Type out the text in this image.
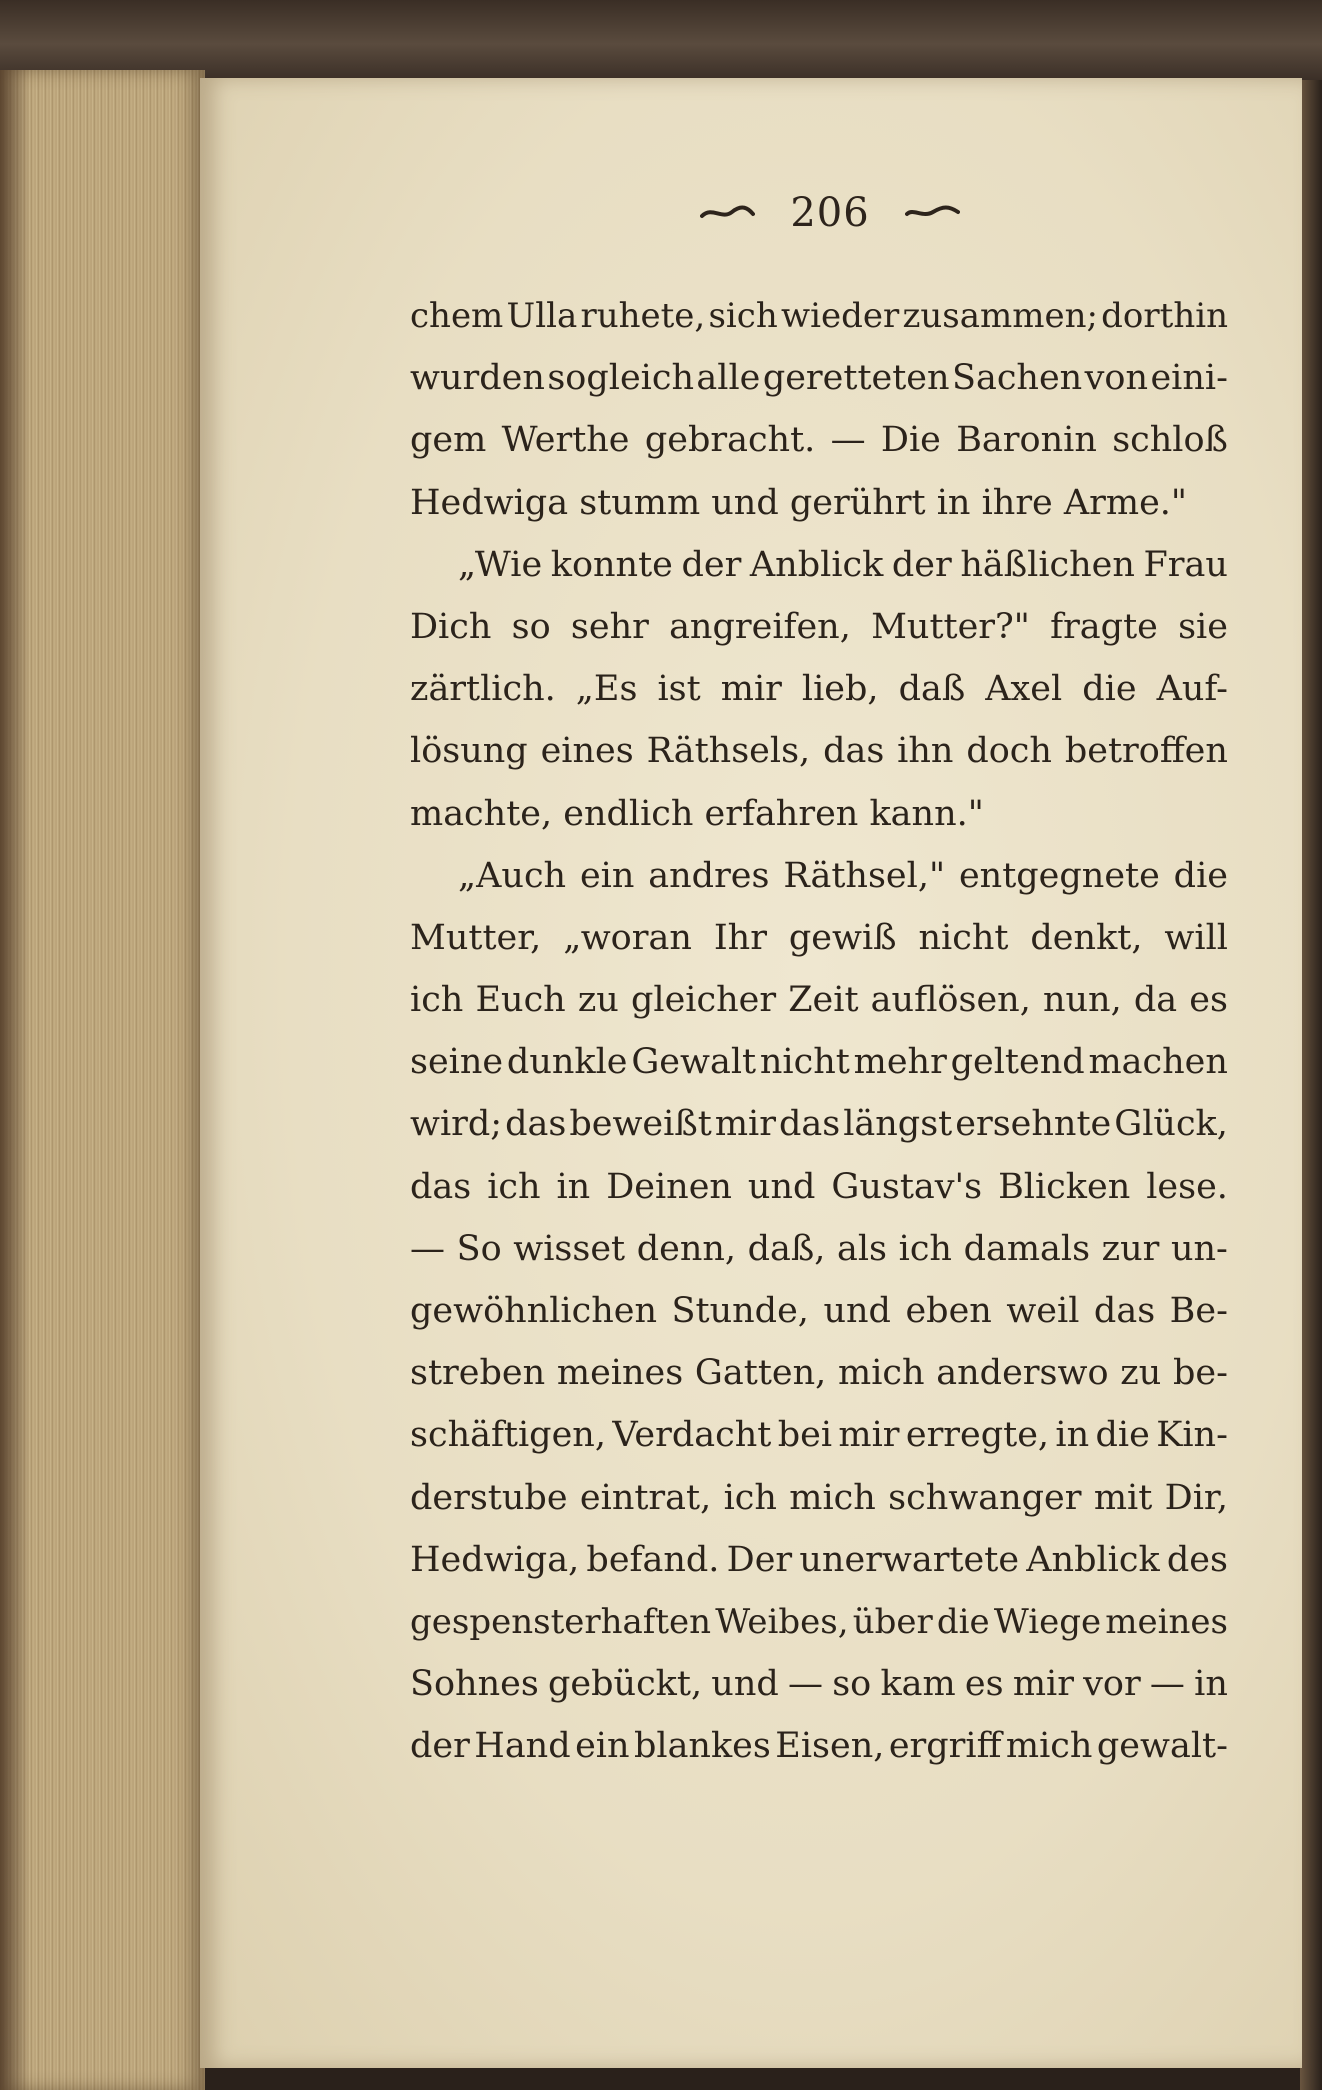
206
chem Ulla ruhete, sich wieder zusammen; dorthin
wurden sogleich alle geretteten Sachen von eini-
gem Werthe gebracht. — Die Baronin schloß
Hedwiga stumm und gerührt in ihre Arme."
„Wie konnte der Anblick der häßlichen Frau
Dich so sehr angreifen, Mutter?" fragte sie
zärtlich. „Es ist mir lieb, daß Axel die Auf-
lösung eines Räthsels, das ihn doch betroffen
machte, endlich erfahren kann."
„Auch ein andres Räthsel," entgegnete die
Mutter, „woran Ihr gewiß nicht denkt, will
ich Euch zu gleicher Zeit auflösen, nun, da es
seine dunkle Gewalt nicht mehr geltend machen
wird; das beweißt mir das längst ersehnte Glück,
das ich in Deinen und Gustav's Blicken lese.
— So wisset denn, daß, als ich damals zur un-
gewöhnlichen Stunde, und eben weil das Be-
streben meines Gatten, mich anderswo zu be-
schäftigen, Verdacht bei mir erregte, in die Kin-
derstube eintrat, ich mich schwanger mit Dir,
Hedwiga, befand. Der unerwartete Anblick des
gespensterhaften Weibes, über die Wiege meines
Sohnes gebückt, und — so kam es mir vor — in
der Hand ein blankes Eisen, ergriff mich gewalt-
